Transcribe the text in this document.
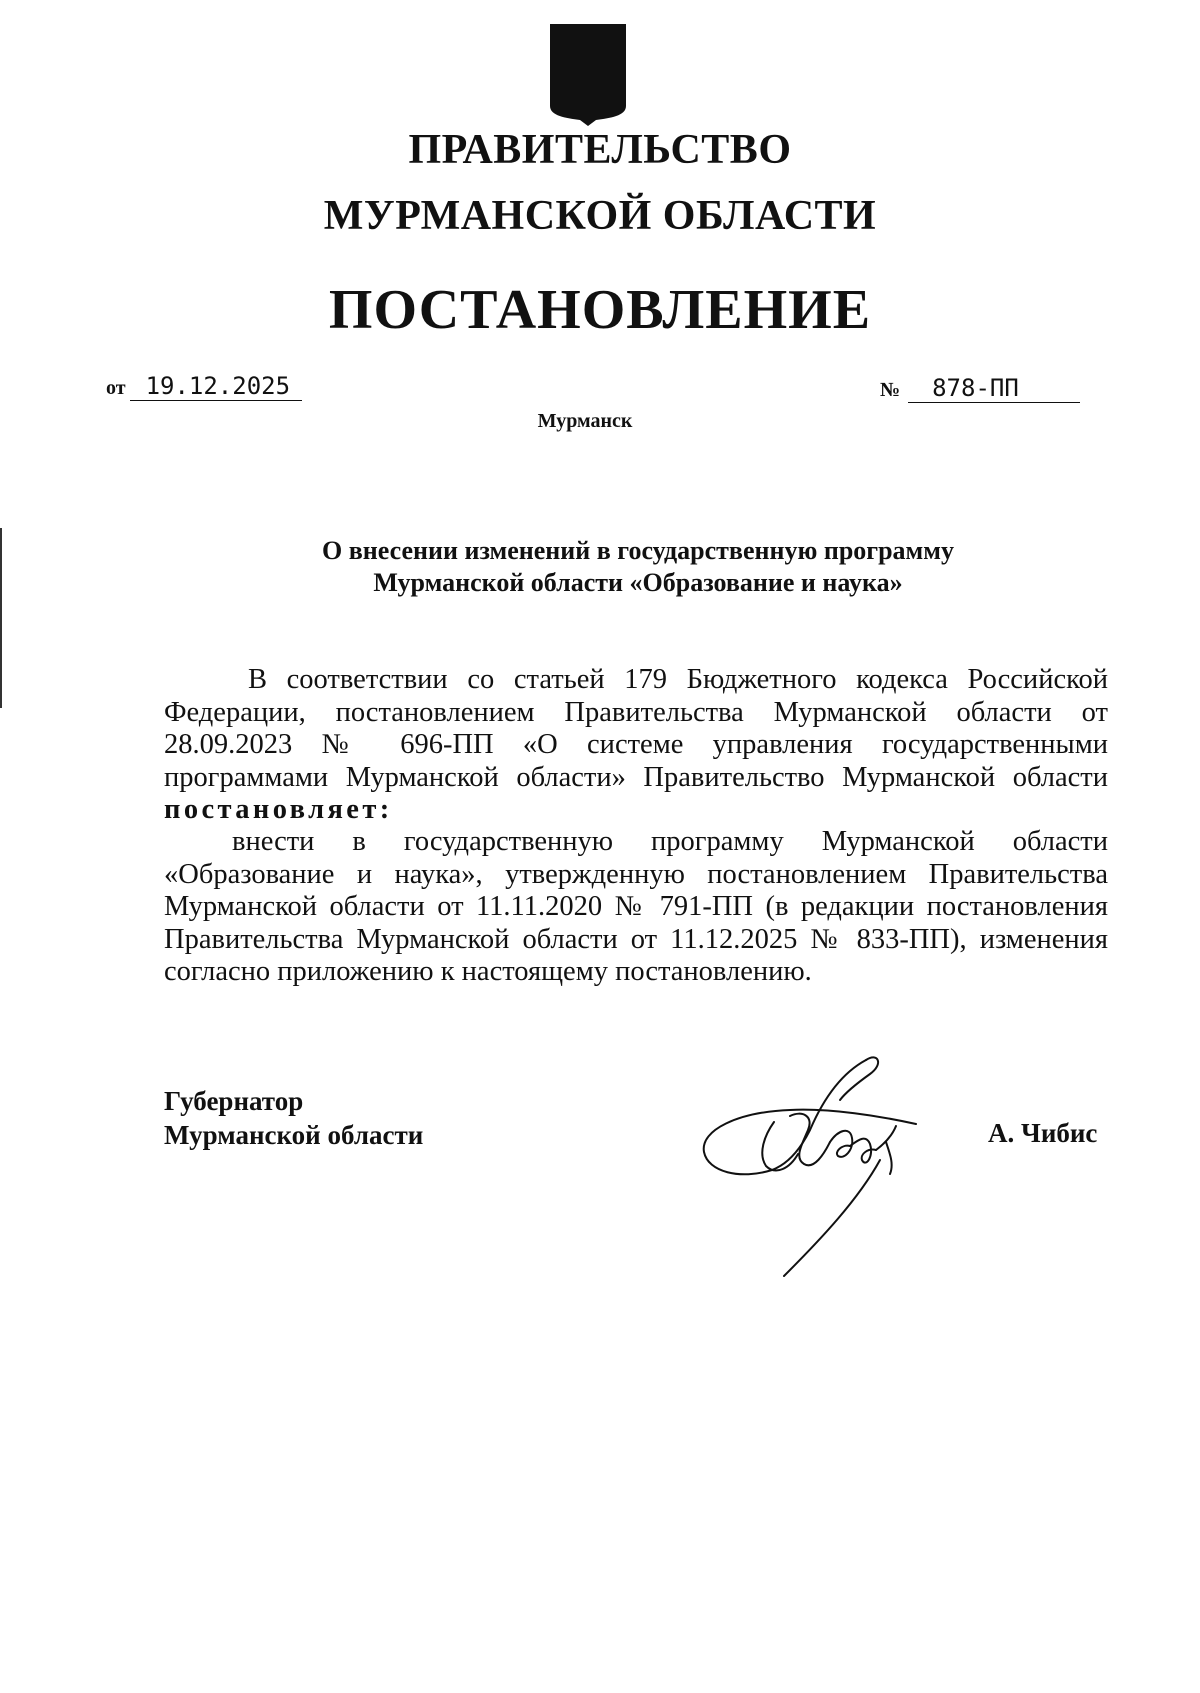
ПРАВИТЕЛЬСТВО
МУРМАНСКОЙ ОБЛАСТИ
ПОСТАНОВЛЕНИЕ
от 19.12.2025	№ 878-ПП
Мурманск
О внесении изменений в государственную программу
Мурманской области «Образование и наука»
В соответствии со статьей 179 Бюджетного кодекса Российской Федерации, постановлением Правительства Мурманской области от 28.09.2023 № 696-ПП «О системе управления государственными программами Мурманской области» Правительство Мурманской области постановляет:
внести в государственную программу Мурманской области «Образование и наука», утвержденную постановлением Правительства Мурманской области от 11.11.2020 № 791-ПП (в редакции постановления Правительства Мурманской области от 11.12.2025 № 833-ПП), изменения согласно приложению к настоящему постановлению.
Губернатор
Мурманской области	А. Чибис
